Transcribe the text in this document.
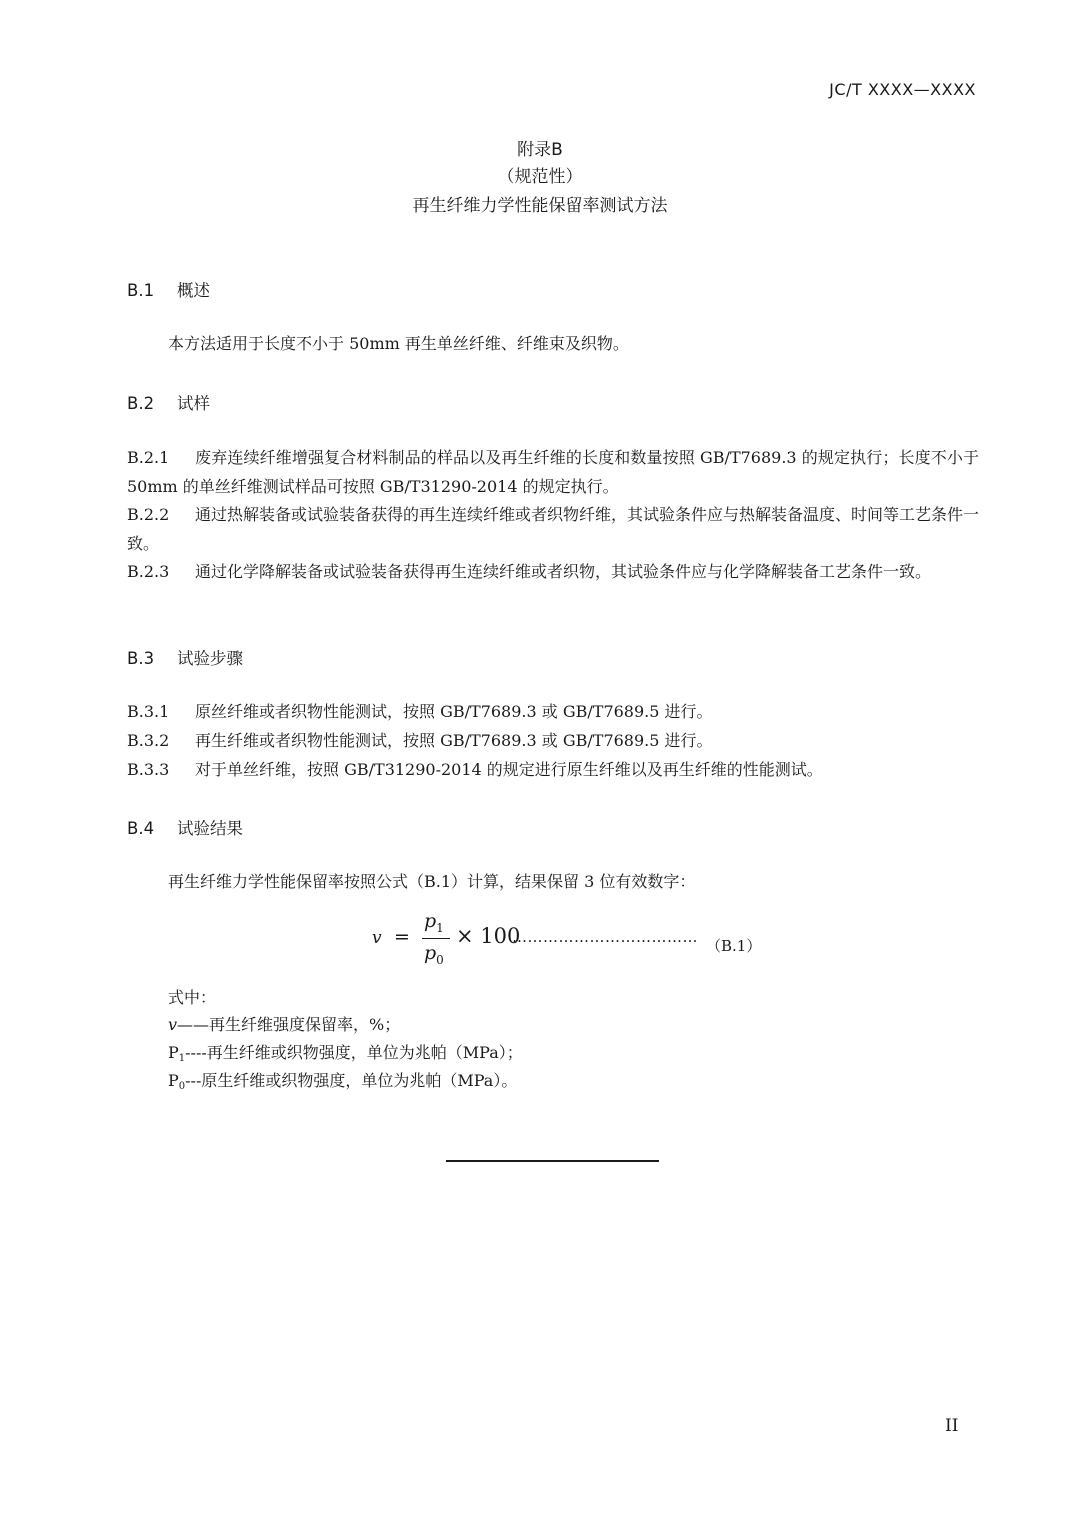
JC/T XXXX—XXXX
附录B
（规范性）
再生纤维力学性能保留率测试方法
B.1 概述
本方法适用于长度不小于 50mm 再生单丝纤维、纤维束及织物。
B.2 试样
B.2.1 废弃连续纤维增强复合材料制品的样品以及再生纤维的长度和数量按照 GB/T7689.3 的规定执行；长度不小于 50mm 的单丝纤维测试样品可按照 GB/T31290-2014 的规定执行。
B.2.2 通过热解装备或试验装备获得的再生连续纤维或者织物纤维，其试验条件应与热解装备温度、时间等工艺条件一致。
B.2.3 通过化学降解装备或试验装备获得再生连续纤维或者织物，其试验条件应与化学降解装备工艺条件一致。
B.3 试验步骤
B.3.1 原丝纤维或者织物性能测试，按照 GB/T7689.3 或 GB/T7689.5 进行。
B.3.2 再生纤维或者织物性能测试，按照 GB/T7689.3 或 GB/T7689.5 进行。
B.3.3 对于单丝纤维，按照 GB/T31290-2014 的规定进行原生纤维以及再生纤维的性能测试。
B.4 试验结果
再生纤维力学性能保留率按照公式（B.1）计算，结果保留 3 位有效数字：
v =
$p_1$
$p_0$
× 100
……………………………… （B.1）
式中：
v——再生纤维强度保留率，%；
P1----再生纤维或织物强度，单位为兆帕（MPa）；
P0---原生纤维或织物强度，单位为兆帕（MPa）。
II
